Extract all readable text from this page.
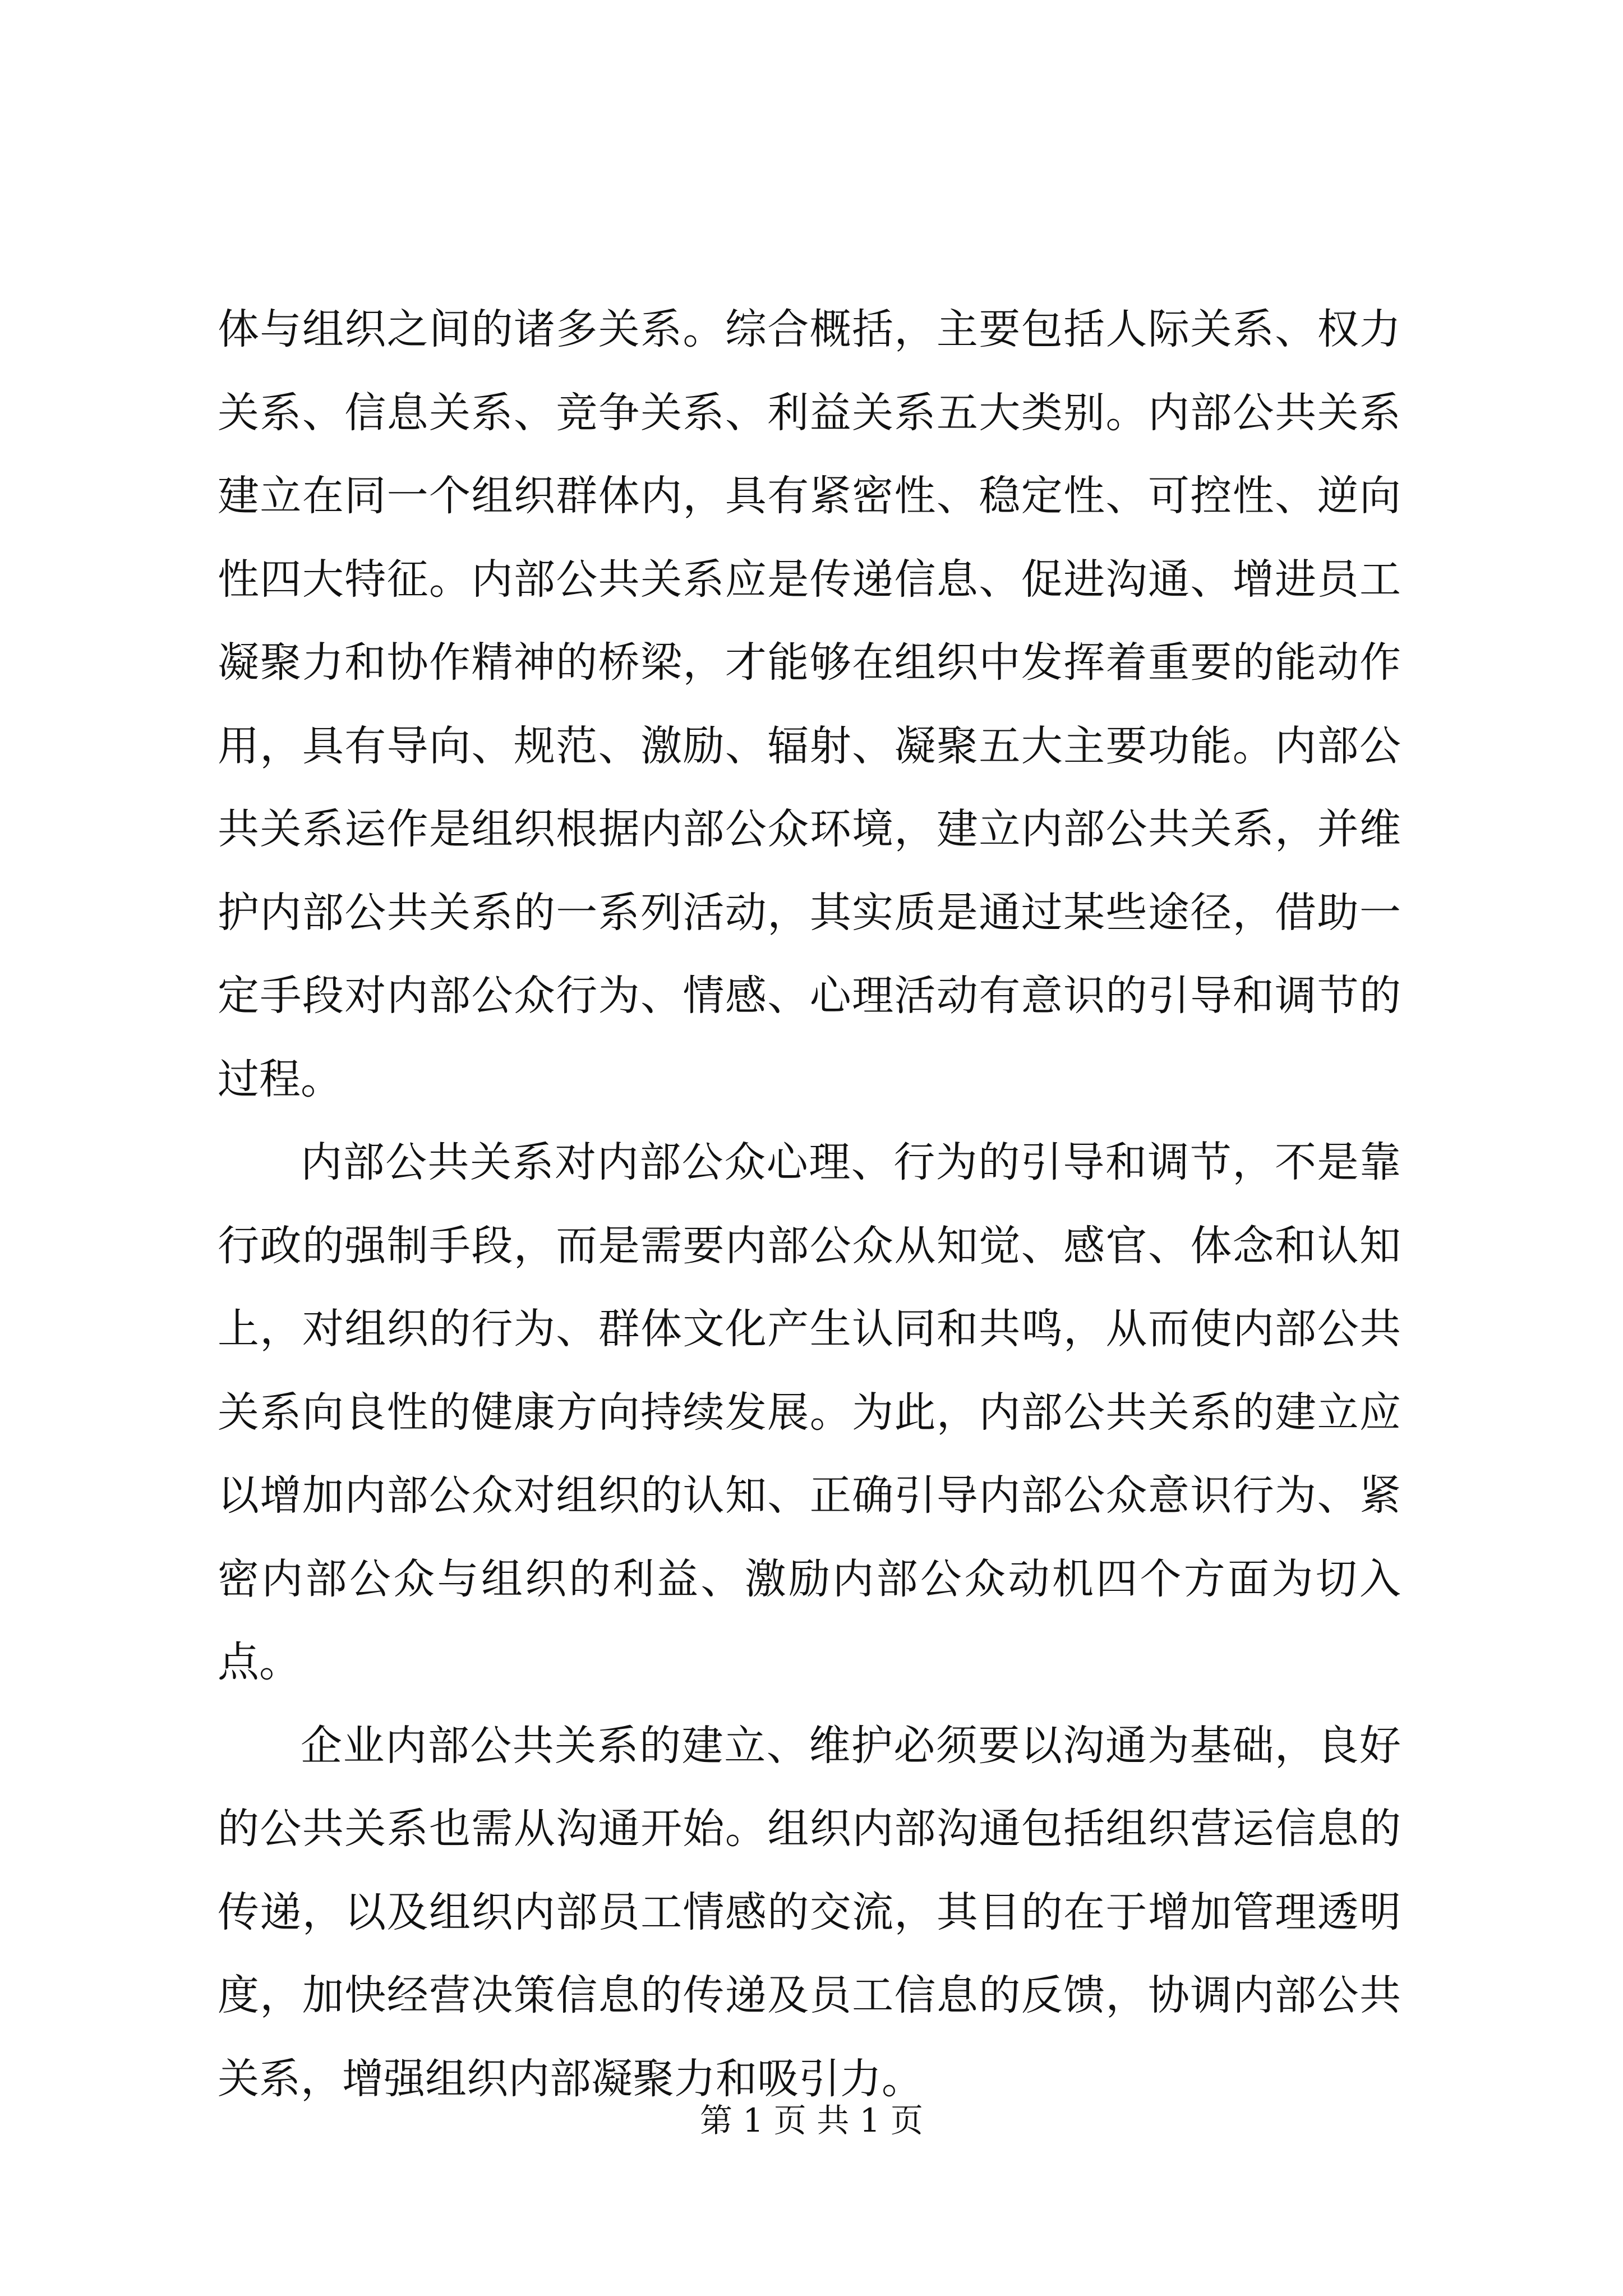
体与组织之间的诸多关系。综合概括，主要包括人际关系、权力关系、信息关系、竞争关系、利益关系五大类别。内部公共关系建立在同一个组织群体内，具有紧密性、稳定性、可控性、逆向性四大特征。内部公共关系应是传递信息、促进沟通、增进员工凝聚力和协作精神的桥梁，才能够在组织中发挥着重要的能动作用，具有导向、规范、激励、辐射、凝聚五大主要功能。内部公共关系运作是组织根据内部公众环境，建立内部公共关系，并维护内部公共关系的一系列活动，其实质是通过某些途径，借助一定手段对内部公众行为、情感、心理活动有意识的引导和调节的过程。

内部公共关系对内部公众心理、行为的引导和调节，不是靠行政的强制手段，而是需要内部公众从知觉、感官、体念和认知上，对组织的行为、群体文化产生认同和共鸣，从而使内部公共关系向良性的健康方向持续发展。为此，内部公共关系的建立应以增加内部公众对组织的认知、正确引导内部公众意识行为、紧密内部公众与组织的利益、激励内部公众动机四个方面为切入点。

企业内部公共关系的建立、维护必须要以沟通为基础，良好的公共关系也需从沟通开始。组织内部沟通包括组织营运信息的传递，以及组织内部员工情感的交流，其目的在于增加管理透明度，加快经营决策信息的传递及员工信息的反馈，协调内部公共关系，增强组织内部凝聚力和吸引力。

第 1 页 共 1 页
